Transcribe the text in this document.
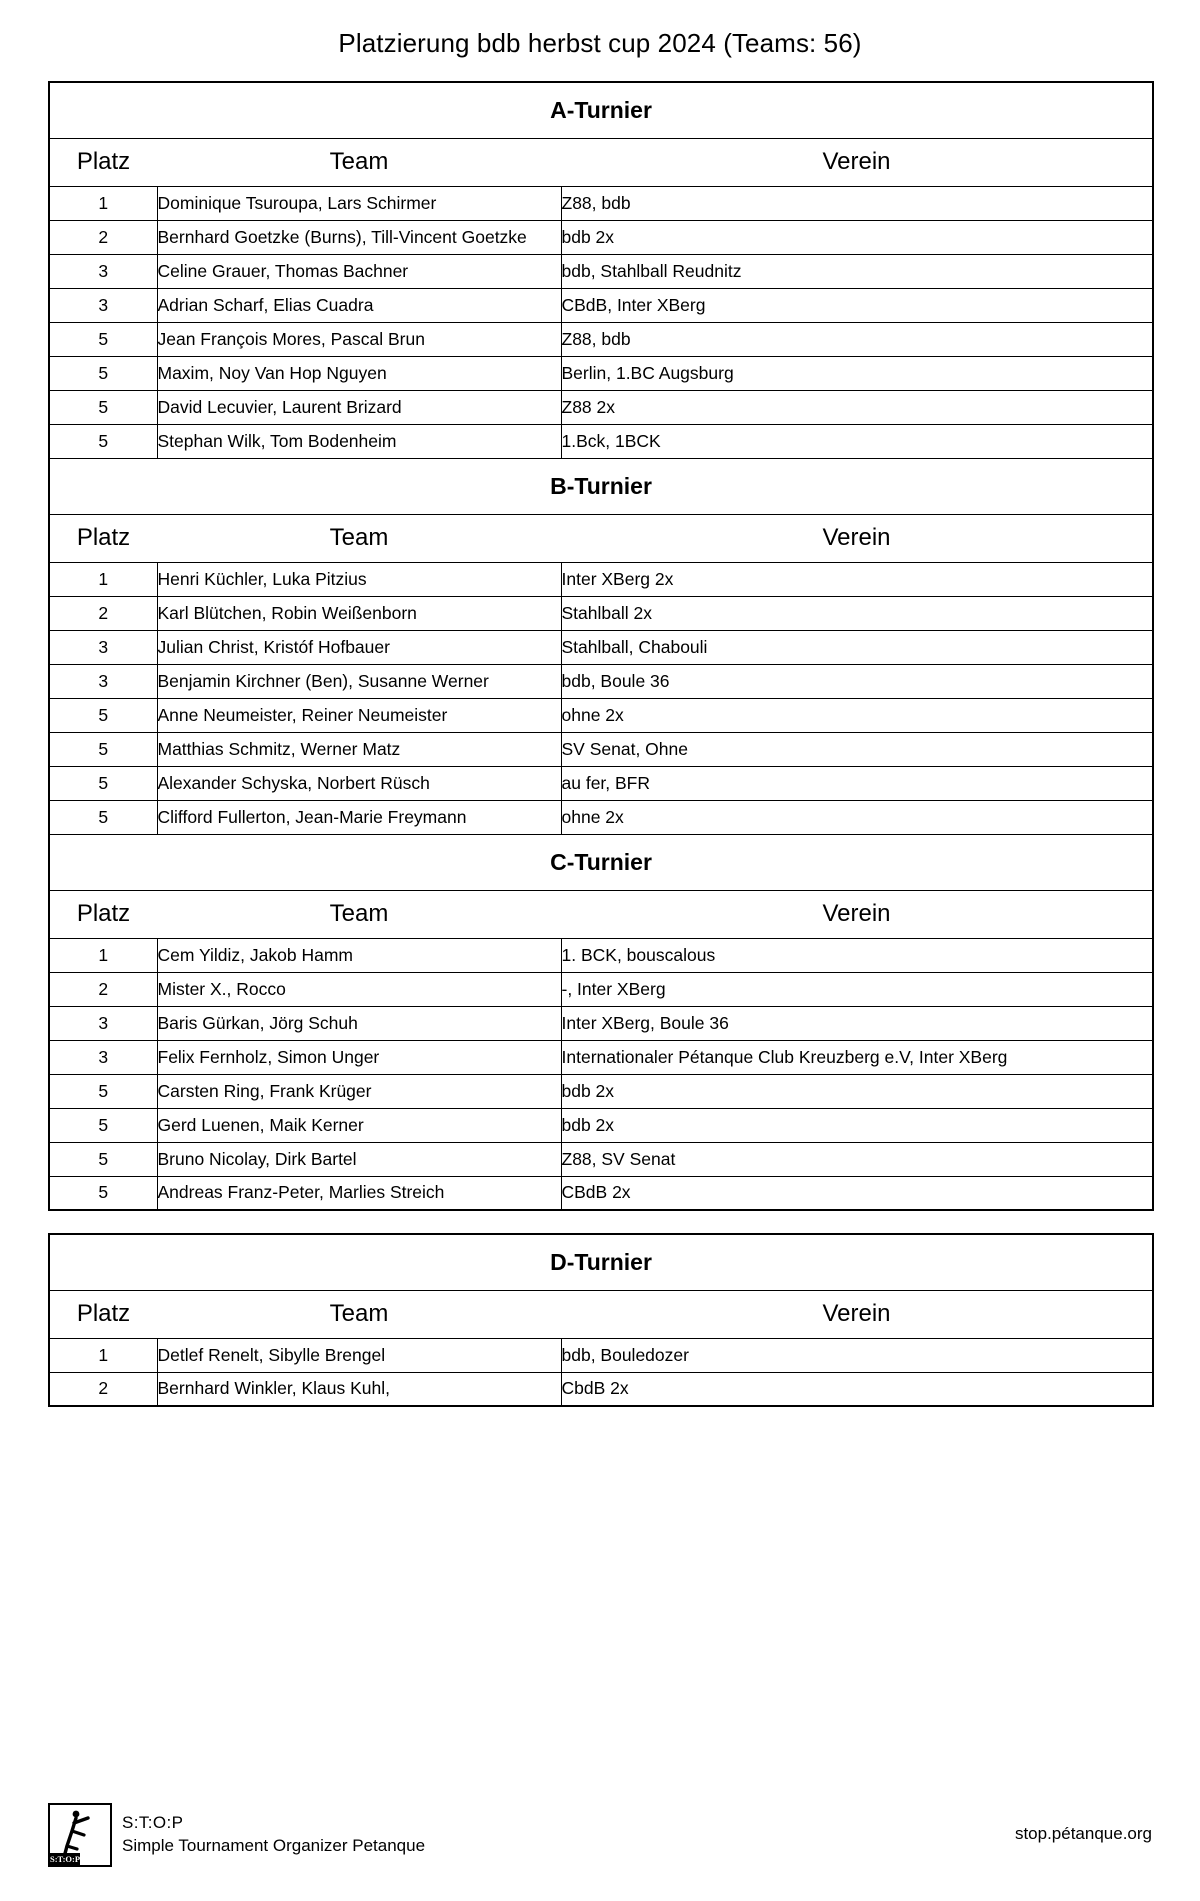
Platzierung bdb herbst cup 2024 (Teams: 56)
A-Turnier		
Platz	Team	Verein
1	Dominique Tsuroupa, Lars Schirmer	Z88, bdb
2	Bernhard Goetzke (Burns), Till-Vincent Goetzke	bdb 2x
3	Celine Grauer, Thomas Bachner	bdb, Stahlball Reudnitz
3	Adrian Scharf, Elias Cuadra	CBdB, Inter XBerg
5	Jean François Mores, Pascal Brun	Z88, bdb
5	Maxim, Noy Van Hop Nguyen	Berlin, 1.BC Augsburg
5	David Lecuvier, Laurent Brizard	Z88 2x
5	Stephan Wilk, Tom Bodenheim	1.Bck, 1BCK
B-Turnier		
Platz	Team	Verein
1	Henri Küchler, Luka Pitzius	Inter XBerg 2x
2	Karl Blütchen, Robin Weißenborn	Stahlball 2x
3	Julian Christ, Kristóf Hofbauer	Stahlball, Chabouli
3	Benjamin Kirchner (Ben), Susanne Werner	bdb, Boule 36
5	Anne Neumeister, Reiner Neumeister	ohne 2x
5	Matthias Schmitz, Werner Matz	SV Senat, Ohne
5	Alexander Schyska, Norbert Rüsch	au fer, BFR
5	Clifford Fullerton, Jean-Marie Freymann	ohne 2x
C-Turnier		
Platz	Team	Verein
1	Cem Yildiz, Jakob Hamm	1. BCK, bouscalous
2	Mister X., Rocco	-, Inter XBerg
3	Baris Gürkan, Jörg Schuh	Inter XBerg, Boule 36
3	Felix Fernholz, Simon Unger	Internationaler Pétanque Club Kreuzberg e.V, Inter XBerg
5	Carsten Ring, Frank Krüger	bdb 2x
5	Gerd Luenen, Maik Kerner	bdb 2x
5	Bruno Nicolay, Dirk Bartel	Z88, SV Senat
5	Andreas Franz-Peter, Marlies Streich	CBdB 2x
D-Turnier		
Platz	Team	Verein
1	Detlef Renelt, Sibylle Brengel	bdb, Bouledozer
2	Bernhard Winkler, Klaus Kuhl,	CbdB 2x
S:T:O:P
S:T:O:P
Simple Tournament Organizer Petanque
stop.pétanque.org
